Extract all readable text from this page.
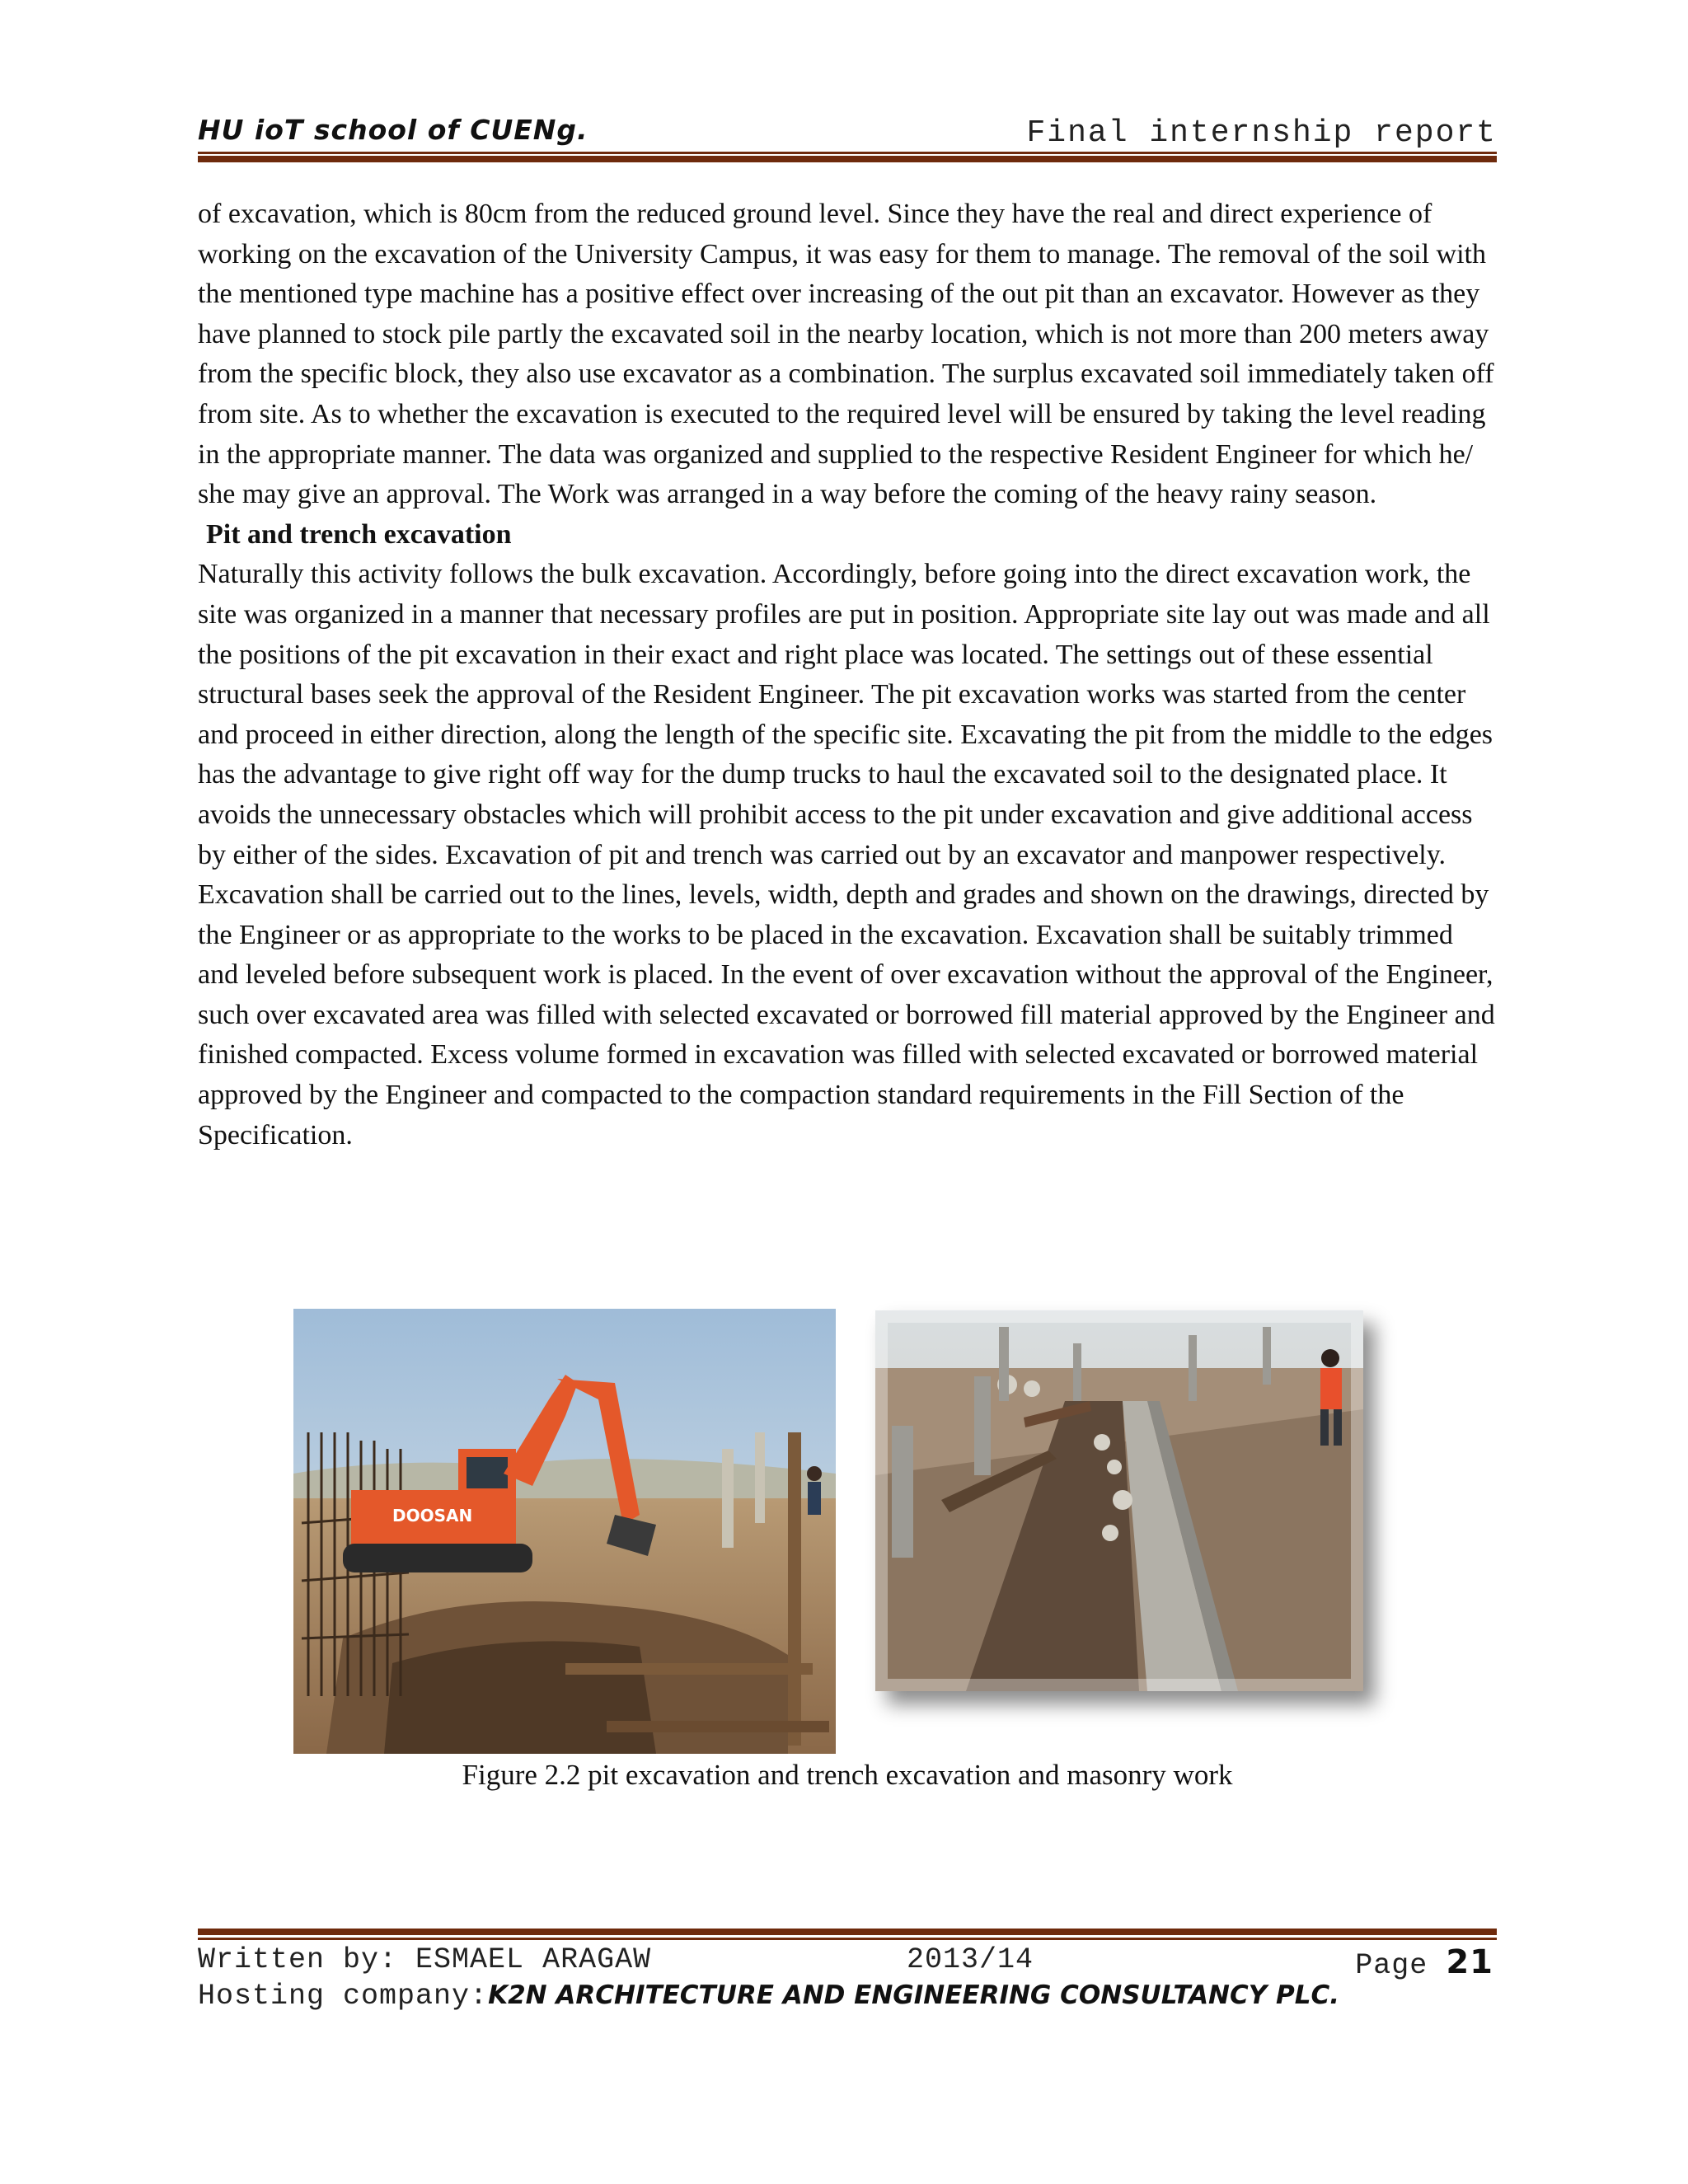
HU ioT school of CUENg.	Final internship report

of excavation, which is 80cm from the reduced ground level. Since they have the real and direct experience of working on the excavation of the University Campus, it was easy for them to manage. The removal of the soil with the mentioned type machine has a positive effect over increasing of the out pit than an excavator. However as they have planned to stock pile partly the excavated soil in the nearby location, which is not more than 200 meters away from the specific block, they also use excavator as a combination. The surplus excavated soil immediately taken off from site. As to whether the excavation is executed to the required level will be ensured by taking the level reading in the appropriate manner. The data was organized and supplied to the respective Resident Engineer for which he/ she may give an approval. The Work was arranged in a way before the coming of the heavy rainy season.

Pit and trench excavation

Naturally this activity follows the bulk excavation. Accordingly, before going into the direct excavation work, the site was organized in a manner that necessary profiles are put in position. Appropriate site lay out was made and all the positions of the pit excavation in their exact and right place was located. The settings out of these essential structural bases seek the approval of the Resident Engineer. The pit excavation works was started from the center and proceed in either direction, along the length of the specific site. Excavating the pit from the middle to the edges has the advantage to give right off way for the dump trucks to haul the excavated soil to the designated place. It avoids the unnecessary obstacles which will prohibit access to the pit under excavation and give additional access by either of the sides. Excavation of pit and trench was carried out by an excavator and manpower respectively. Excavation shall be carried out to the lines, levels, width, depth and grades and shown on the drawings, directed by the Engineer or as appropriate to the works to be placed in the excavation. Excavation shall be suitably trimmed and leveled before subsequent work is placed. In the event of over excavation without the approval of the Engineer, such over excavated area was filled with selected excavated or borrowed fill material approved by the Engineer and finished compacted. Excess volume formed in excavation was filled with selected excavated or borrowed material approved by the Engineer and compacted to the compaction standard requirements in the Fill Section of the Specification.

DOOSAN
Figure 2.2 pit excavation and trench excavation and masonry work
Written by: ESMAEL ARAGAW	2013/14	Page 21
Hosting company:K2N ARCHITECTURE AND ENGINEERING CONSULTANCY PLC.
